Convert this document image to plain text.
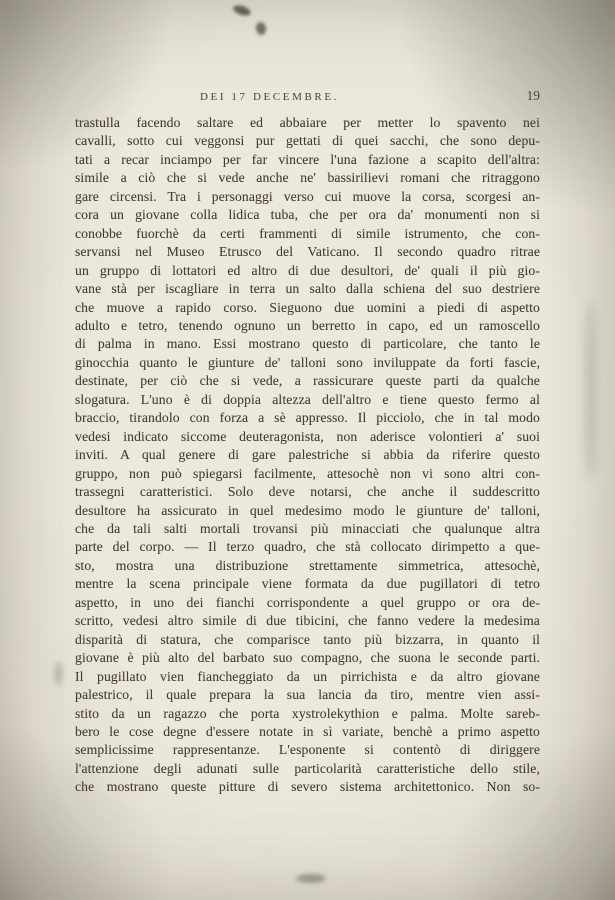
DEI 17 DECEMBRE.	19
trastulla facendo saltare ed abbaiare per metter lo spavento nei
cavalli, sotto cui veggonsi pur gettati di quei sacchi, che sono depu-
tati a recar inciampo per far vincere l'una fazione a scapito dell'altra:
simile a ciò che si vede anche ne' bassirilievi romani che ritraggono
gare circensi. Tra i personaggi verso cui muove la corsa, scorgesi an-
cora un giovane colla lidica tuba, che per ora da' monumenti non si
conobbe fuorchè da certi frammenti di simile istrumento, che con-
servansi nel Museo Etrusco del Vaticano. Il secondo quadro ritrae
un gruppo di lottatori ed altro di due desultori, de' quali il più gio-
vane stà per iscagliare in terra un salto dalla schiena del suo destriere
che muove a rapido corso. Sieguono due uomini a piedi di aspetto
adulto e tetro, tenendo ognuno un berretto in capo, ed un ramoscello
di palma in mano. Essi mostrano questo di particolare, che tanto le
ginocchia quanto le giunture de' talloni sono inviluppate da forti fascie,
destinate, per ciò che si vede, a rassicurare queste parti da qualche
slogatura. L'uno è di doppia altezza dell'altro e tiene questo fermo al
braccio, tirandolo con forza a sè appresso. Il picciolo, che in tal modo
vedesi indicato siccome deuteragonista, non aderisce volontieri a' suoi
inviti. A qual genere di gare palestriche si abbia da riferire questo
gruppo, non può spiegarsi facilmente, attesochè non vi sono altri con-
trassegni caratteristici. Solo deve notarsi, che anche il suddescritto
desultore ha assicurato in quel medesimo modo le giunture de' talloni,
che da tali salti mortali trovansi più minacciati che qualunque altra
parte del corpo. — Il terzo quadro, che stà collocato dirimpetto a que-
sto, mostra una distribuzione strettamente simmetrica, attesochè,
mentre la scena principale viene formata da due pugillatori di tetro
aspetto, in uno dei fianchi corrispondente a quel gruppo or ora de-
scritto, vedesi altro simile di due tibicini, che fanno vedere la medesima
disparità di statura, che comparisce tanto più bizzarra, in quanto il
giovane è più alto del barbato suo compagno, che suona le seconde parti.
Il pugillato vien fiancheggiato da un pirrichista e da altro giovane
palestrico, il quale prepara la sua lancia da tiro, mentre vien assi-
stito da un ragazzo che porta xystrolekythion e palma. Molte sareb-
bero le cose degne d'essere notate in sì variate, benchè a primo aspetto
semplicissime rappresentanze. L'esponente si contentò di diriggere
l'attenzione degli adunati sulle particolarità caratteristiche dello stile,
che mostrano queste pitture di severo sistema architettonico. Non so-
